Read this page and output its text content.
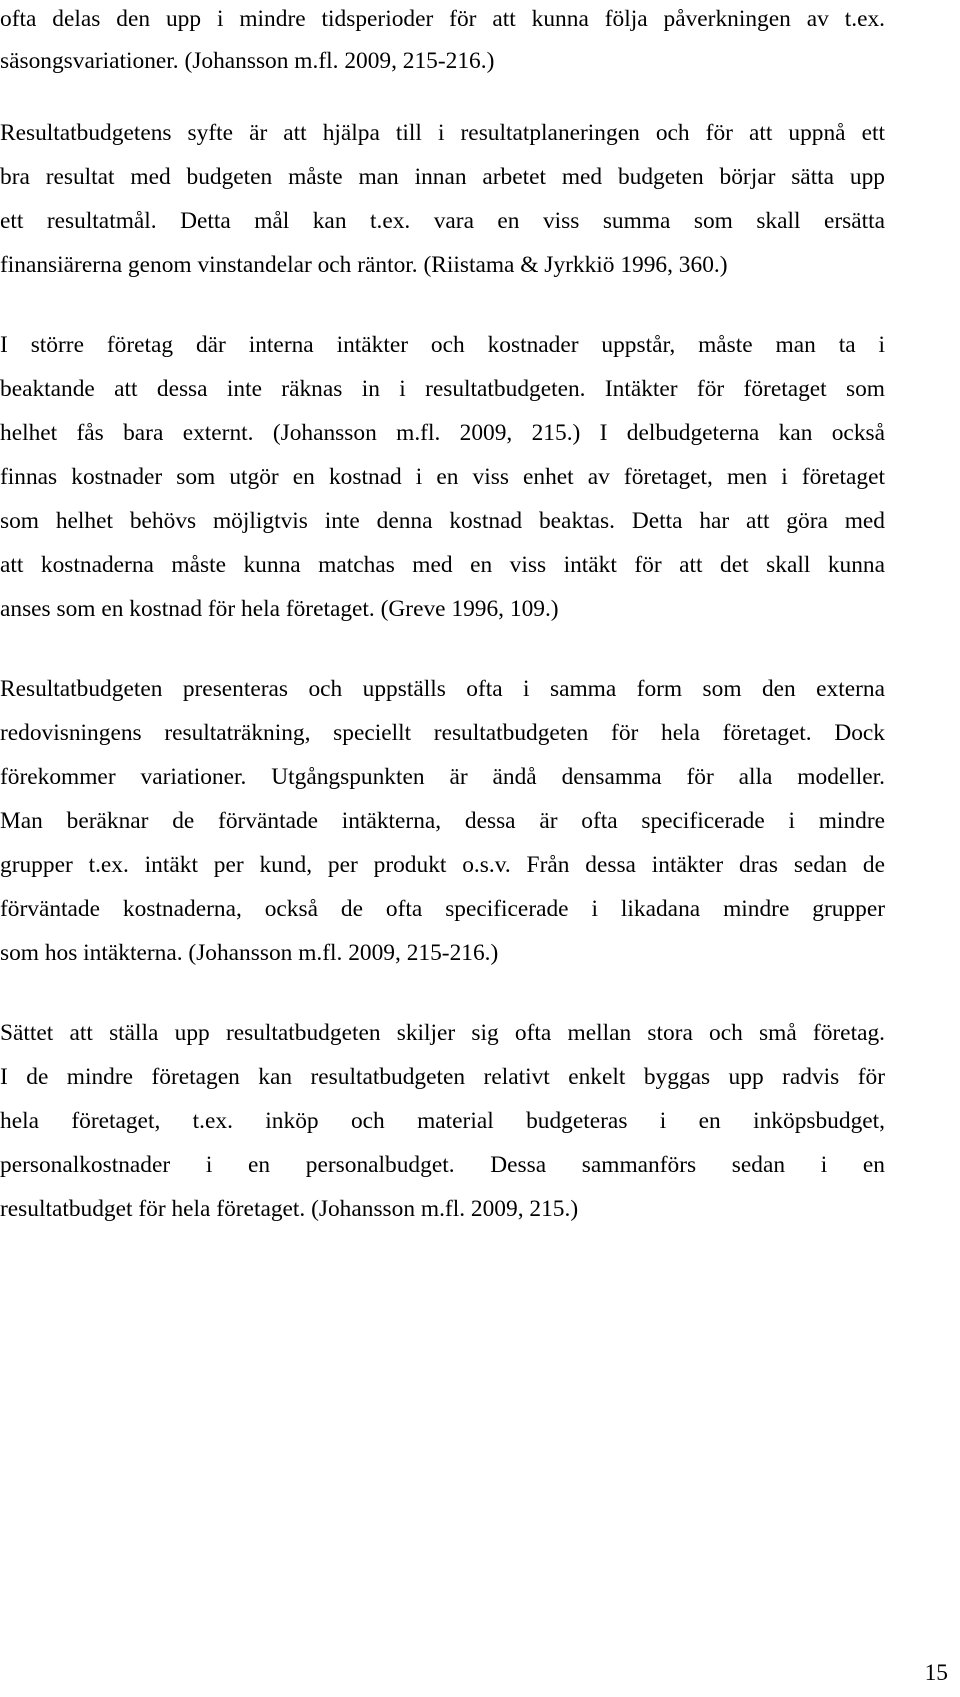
ofta delas den upp i mindre tidsperioder för att kunna följa påverkningen av t.ex.
säsongsvariationer. (Johansson m.fl. 2009, 215-216.)
Resultatbudgetens syfte är att hjälpa till i resultatplaneringen och för att uppnå ett
bra resultat med budgeten måste man innan arbetet med budgeten börjar sätta upp
ett resultatmål. Detta mål kan t.ex. vara en viss summa som skall ersätta
finansiärerna genom vinstandelar och räntor. (Riistama & Jyrkkiö 1996, 360.)
I större företag där interna intäkter och kostnader uppstår, måste man ta i
beaktande att dessa inte räknas in i resultatbudgeten. Intäkter för företaget som
helhet fås bara externt. (Johansson m.fl. 2009, 215.) I delbudgeterna kan också
finnas kostnader som utgör en kostnad i en viss enhet av företaget, men i företaget
som helhet behövs möjligtvis inte denna kostnad beaktas. Detta har att göra med
att kostnaderna måste kunna matchas med en viss intäkt för att det skall kunna
anses som en kostnad för hela företaget. (Greve 1996, 109.)
Resultatbudgeten presenteras och uppställs ofta i samma form som den externa
redovisningens resultaträkning, speciellt resultatbudgeten för hela företaget. Dock
förekommer variationer. Utgångspunkten är ändå densamma för alla modeller.
Man beräknar de förväntade intäkterna, dessa är ofta specificerade i mindre
grupper t.ex. intäkt per kund, per produkt o.s.v. Från dessa intäkter dras sedan de
förväntade kostnaderna, också de ofta specificerade i likadana mindre grupper
som hos intäkterna. (Johansson m.fl. 2009, 215-216.)
Sättet att ställa upp resultatbudgeten skiljer sig ofta mellan stora och små företag.
I de mindre företagen kan resultatbudgeten relativt enkelt byggas upp radvis för
hela företaget, t.ex. inköp och material budgeteras i en inköpsbudget,
personalkostnader i en personalbudget. Dessa sammanförs sedan i en
resultatbudget för hela företaget. (Johansson m.fl. 2009, 215.)
15
